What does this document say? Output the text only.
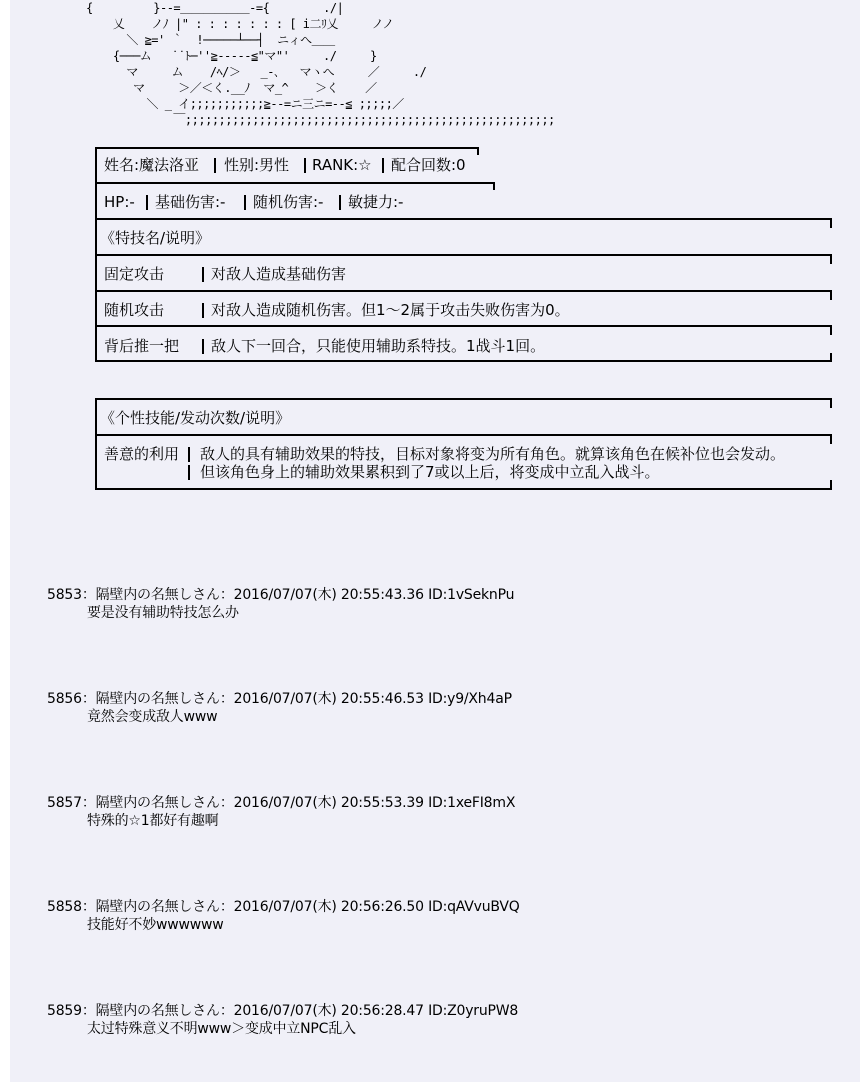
{         }-‐=＿＿＿＿＿＿‐={        ./|
乂    ノﾉ |" : : : : : : : [ i二ﾘ乂     ノノ
＼ ≧=' ｀  !─────┴──┤  ニィへ＿＿
{───ム   ˙˙ﾄ─''≧-----≦"マ"'     ./     }
マ     ム    /ﾍ/＞   _-､   マヽへ     ／     ./
マ     ＞／＜く.__ﾉ  マ_^    ＞く    ／
＼ _ イ;;;;;;;;;;;≧--=ニ三ニ=--≦ ;;;;;／
￣;;;;;;;;;;;;;;;;;;;;;;;;;;;;;;;;;;;;;;;;;;;;;;;;;;;;;;;
姓名:魔法洛亚 性别:男性 RANK:☆ 配合回数:0
HP:- 基础伤害:- 随机伤害:- 敏捷力:-
《特技名/说明》
固定攻击	对敌人造成基础伤害
随机攻击	对敌人造成随机伤害。但1～2属于攻击失败伤害为0。
背后推一把 敌人下一回合，只能使用辅助系特技。1战斗1回。
《个性技能/发动次数/说明》
善意的利用 敌人的具有辅助效果的特技，目标对象将变为所有角色。就算该角色在候补位也会发动。
但该角色身上的辅助效果累积到了7或以上后，将变成中立乱入战斗。
5853：隔壁内の名無しさん：2016/07/07(木) 20:55:43.36 ID:1vSeknPu
要是没有辅助特技怎么办
5856：隔壁内の名無しさん：2016/07/07(木) 20:55:46.53 ID:y9/Xh4aP
竟然会变成敌人www
5857：隔壁内の名無しさん：2016/07/07(木) 20:55:53.39 ID:1xeFI8mX
特殊的☆1都好有趣啊
5858：隔壁内の名無しさん：2016/07/07(木) 20:56:26.50 ID:qAVvuBVQ
技能好不妙wwwwww
5859：隔壁内の名無しさん：2016/07/07(木) 20:56:28.47 ID:Z0yruPW8
太过特殊意义不明www＞变成中立NPC乱入
